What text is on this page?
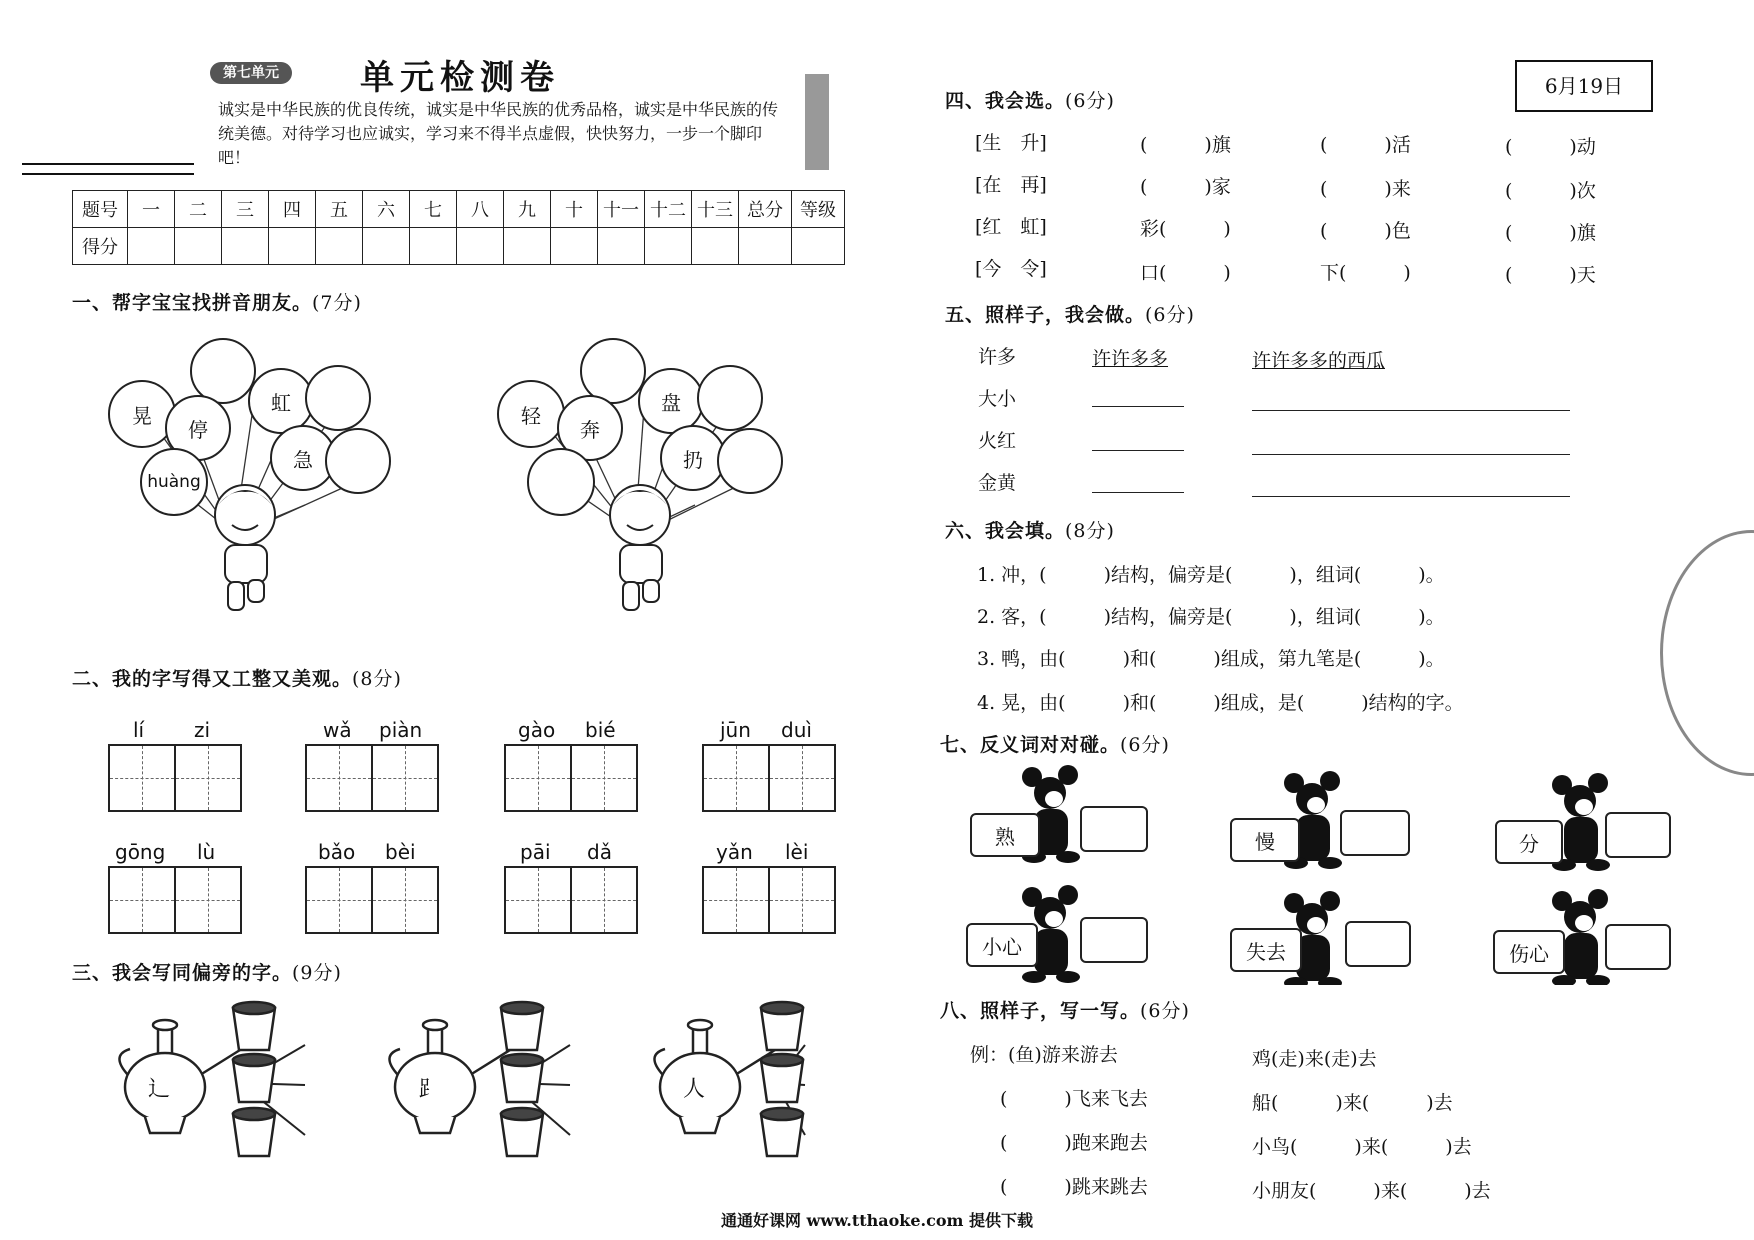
第七单元	单元检测卷
诚实是中华民族的优良传统，诚实是中华民族的优秀品格，诚实是中华民族的传统美德。对待学习也应诚实，学习来不得半点虚假，快快努力，一步一个脚印吧！
6月19日
题号	一	二	三	四	五	六	七	八	九	十	十一	十二	十三	总分	等级
得分															
一、帮字宝宝找拼音朋友。(7分)
晃
停
虹
急
huàng
轻
奔
盘
扔
二、我的字写得又工整又美观。(8分)
lí zi	wǎ piàn	gào bié	jūn duì
gōng lù	bǎo bèi	pāi dǎ	yǎn lèi
三、我会写同偏旁的字。(9分)
辶	⻊	人
四、我会选。(6分)
[生　升]	(　　　)旗	(　　　)活	(　　　)动
[在　再]	(　　　)家	(　　　)来	(　　　)次
[红　虹]	彩(　　　)	(　　　)色	(　　　)旗
[今　令]	口(　　　)	下(　　　)	(　　　)天
五、照样子，我会做。(6分)
许多	许许多多	许许多多的西瓜
大小
火红
金黄
六、我会填。(8分)
1. 冲，(　　　)结构，偏旁是(　　　)，组词(　　　)。
2. 客，(　　　)结构，偏旁是(　　　)，组词(　　　)。
3. 鸭，由(　　　)和(　　　)组成，第九笔是(　　　)。
4. 晃，由(　　　)和(　　　)组成，是(　　　)结构的字。
七、反义词对对碰。(6分)
熟	慢	分
小心	失去	伤心
八、照样子，写一写。(6分)
例：(鱼)游来游去
(　　　)飞来飞去
(　　　)跑来跑去
(　　　)跳来跳去
鸡(走)来(走)去
船(　　　)来(　　　)去
小鸟(　　　)来(　　　)去
小朋友(　　　)来(　　　)去
通通好课网 www.tthaoke.com 提供下载
